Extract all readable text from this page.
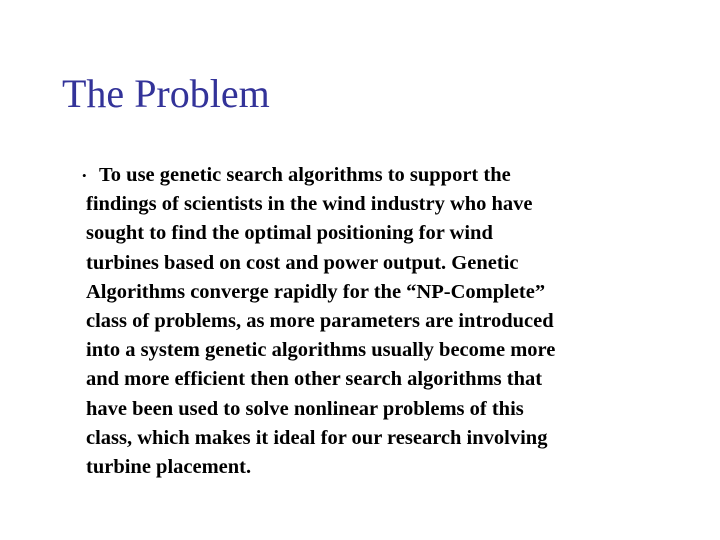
The Problem
• To use genetic search algorithms to support the
findings of scientists in the wind industry who have
sought to find the optimal positioning for wind
turbines based on cost and power output. Genetic
Algorithms converge rapidly for the “NP-Complete”
class of problems, as more parameters are introduced
into a system genetic algorithms usually become more
and more efficient then other search algorithms that
have been used to solve nonlinear problems of this
class, which makes it ideal for our research involving
turbine placement.
